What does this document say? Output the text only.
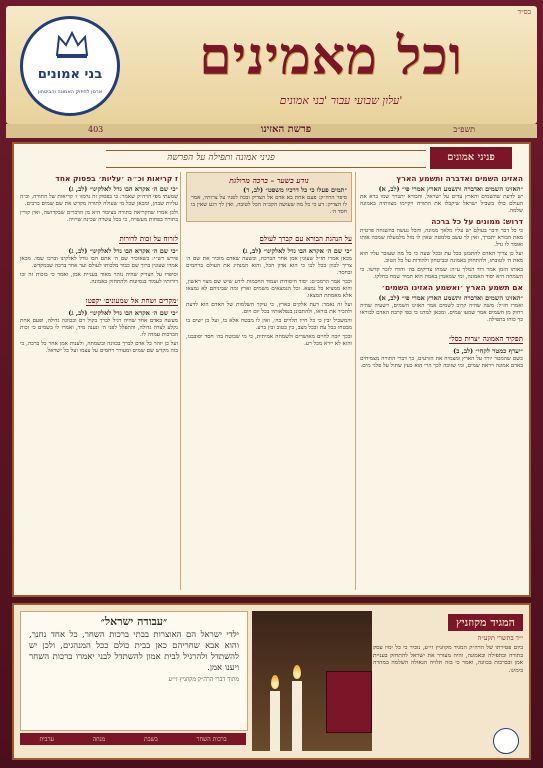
בס״ד
בני אמונים
ארגון לחיזוק האמונה והביטחון
וכל מאמינים
עלון שבועי עבור 'בני אמונים'
403	פרשת האזינו	תשפ״ב
פניני אמונה ותפילה על הפרשה	פניני אמונים
האזינו השמים ואדברה ותשמע הארץ
״האזינו השמים ואדברה ותשמע הארץ אמרי פי״ (לב, א)
יש לדעת שהשמים והארץ עדים על ישראל, והבורא יתברך שמו ברא את העולם כולו בשביל ישראל שיקבלו את התורה ויקיימו מצוותיה באמונה שלמה.
דרוש: ממונים על כל ברכה
כי כל דבר ודבר בעולם יש עליו מלאך ממונה, והכל נעשה בהשגחה פרטית מאת הבורא יתברך, ואין לך עשב מלמטה שאין לו מזל מלמעלה שמכה אותו ואומר לו גדל.
ועל כן צריך האדם להתבונן בכל עת ובכל שעה כי כל מה שעובר עליו הוא מאת ה׳ לטובתו, ולהתחזק באמונה ובביטחון ולהודות על כל הטוב.
באותו הזמן אמר דוד המלך ע״ה: שמחו צדיקים בה׳ והודו לזכר קדשו. כי השמחה היא יסוד האמונה, ומי שמאמין באמת הוא תמיד שמח בחלקו.
אם תשמע הארץ ׳ואשמע האזינו השמים׳
״האזינו השמים ואדברה ותשמע הארץ אמרי פי״ (לב, א)
ואמרו חז״ל: משה שהיה קרוב לשמים אמר האזינו השמים, וישעיה שהיה רחוק מן השמים אמר שמעו שמים. ומכאן למדנו כי כפי קרבת האדם לבוראו כך כוחו בתפילה.
תפקיד האמונה ״צרות כסל״
״יערף כמטר לקחי״ (לב, ב)
כשם שהמטר יורד על הארץ ומצמיח את הזרעים, כך דברי התורה מצמיחים באדם אמונה ויראת שמים, ומי שזוכה לכך הרי הוא כעץ שתול על פלגי מים.
נודע בשער – ברכה מדולגת
״תמים פעלו כי כל דרכיו משפט״ (לב, ד)
סיפר הרה״ק: פעם אחת בא אדם אל הצדיק ובכה לפניו על צרותיו, אמר לו הצדיק: דע כי כל מה שעושה הקב״ה הכל לטובה, ואין לך רגע שאין בו חסד ה׳.
על הנהגת הבורא עם קברך לעולם
״כי שם ה׳ אקרא הבו גדל לאלקינו״ (לב, ג)
מכאן אמרו חז״ל שעונין אמן אחר הברכה, ובשעה שאדם מזכיר את שם ה׳ צריך לכוון בכל לבו כי הוא אדון הכל, והוא המנהיג את העולם ברחמים ובחסד.
וכבר אמר הרמב״ם: יסוד היסודות ועמוד החכמות לידע שיש שם מצוי ראשון, והוא ממציא כל נמצא. וכל הנמצאים משמים וארץ ומה שביניהם לא נמצאו אלא מאמתת המצאו.
ועל זה נאמר: דעת אלקים בארץ, כי עיקר השלמות של האדם הוא לדעת ולהכיר את בוראו, ולהתבונן בנפלאותיו בכל יום ויום.
והמשכיל יבין כי כל חייו תלויים בה׳, ואין לו מבטח אלא בו, ועל כן ישים בו מבטחו בכל עת ובכל מצב, בין בטוב ובין ברע.
ובכך יזכה לחיים מאושרים ולשמחה אמיתית, כי מי שבוטח בה׳ חסד יסובבנו, והוא לא יירא מכל רע.
ז קריאות וכ״ה ׳עליות׳ בפסוק אחד
״כי שם ה׳ אקרא הבו גדל לאלקינו״ (לב, ג)
שמעתי מפי הרה״ק שאמר: כי בפסוק זה נרמזו ז׳ קריאות של התורה, וכ״ה עליות שבהן, ומכאן שכל מי שעולה לתורה מקדש את שם שמים ברבים.
ולכן אמרו שהקריאה בתורה בציבור היא מן הדברים שבקדושה, ואין קורין בתורה בפחות מעשרה, כי בכל עשרה שכינה שרויה.
לזרוח על זכות לדורות
״כי שם ה׳ אקרא הבו גדל לאלקינו״ (לב, ג)
פירש רש״י: כשאזכיר שם ה׳ אתם הבו גודל לאלקינו וברכו שמו. מכאן אמרו שעונין ברוך שם כבוד מלכותו לעולם ועד אחר ברכה שבמקדש.
וסיפרו על הצדיק שהיה נזהר מאוד בעניית אמן, ואמר כי בזכות זה זכו דורותיו לעמוד בנסיונות ולהתחזק באמונה.
׳מקרים ושחת אל שמעונים׳ יקפטו
״כי שם ה׳ אקרא הבו גדל לאלקינו״ (לב, ג)
מעשה באדם אחד שהיה רגיל לברך בקול רם ובכוונה גדולה, ופעם אחת נקלע לצרה גדולה, והתפלל לפני ה׳ ונענה מיד, ואמרו לו בשמים כי זכות הברכות עמדה לו.
ועל כן יזהר כל אדם לברך בכוונה ובשמחה, ולענות אמן אחר כל ברכה, כי בזה מקדש שם שמים ומעורר רחמים על עצמו ועל כל ישראל.
״עבודה ישראל״
ילדי ישראל הם האוצרות בבתי ברכות השחר, כל אחד נחנך, והוא אבא שחריהם כאן בבית כולם ככל המנהגים, ולכן יש להשתדל ולהרגיל לבית אמון להשתדל לבני יאמרו ברכות השחר ויענו אמן.
מתוך דברי הרה״ק מקוזניץ זי״ע
ברכות השחר
בשבת
מנחה
ערבית
המגיד מקוזניץ
י״ד בתשרי תקע״ה
ביום פטירתו של הרה״ק המגיד מקוזניץ זי״ע, נזכיר כי כל ימיו עסק בתורה ובתפילה ובאמונה, והיה מעורר את ישראל להתחזק בעניית אמן ובברכות בכוונה, ואמר כי בזה תלויה הגאולה השלמה במהרה בימינו.
